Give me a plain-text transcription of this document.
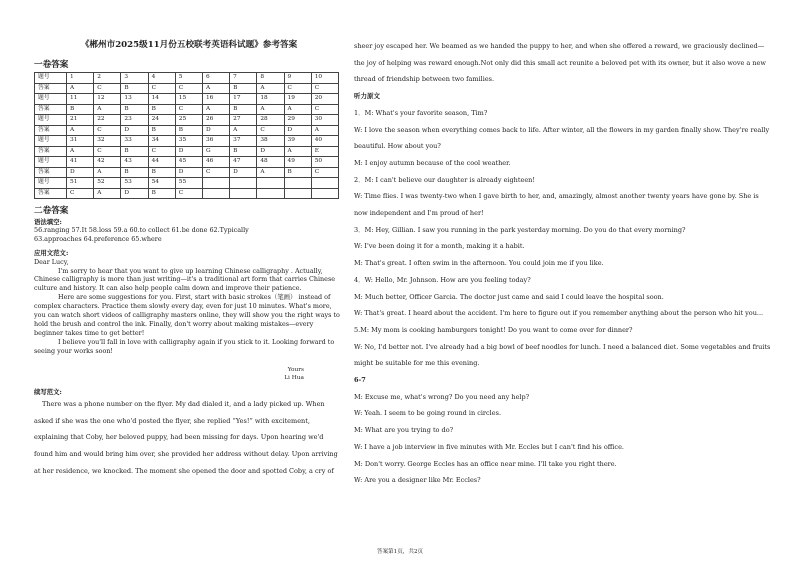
《郴州市2025级11月份五校联考英语科试题》参考答案
一卷答案
题号	1	2	3	4	5	6	7	8	9	10
答案	A	C	B	C	C	A	B	A	C	C
题号	11	12	13	14	15	16	17	18	19	20
答案	B	A	B	B	C	A	B	A	A	C
题号	21	22	23	24	25	26	27	28	29	30
答案	A	C	D	B	B	D	A	C	D	A
题号	31	32	33	34	35	36	37	38	39	40
答案	A	C	B	C	D	G	B	D	A	E
题号	41	42	43	44	45	46	47	48	49	50
答案	D	A	B	B	D	C	D	A	B	C
题号	51	52	53	54	55					
答案	C	A	D	B	C					
二卷答案
语法填空:
56.ranging 57.It 58.loss 59.a 60.to collect 61.be done 62.Typically
63.approaches 64.preference 65.where
应用文范文:

Dear Lucy,

I'm sorry to hear that you want to give up learning Chinese calligraphy . Actually, Chinese calligraphy is more than just writing—it's a traditional art form that carries Chinese culture and history. It can also help people calm down and improve their patience.

Here are some suggestions for you. First, start with basic strokes（笔画） instead of complex characters. Practice them slowly every day, even for just 10 minutes. What's more, you can watch short videos of calligraphy masters online, they will show you the right ways to hold the brush and control the ink. Finally, don't worry about making mistakes—every beginner takes time to get better!

I believe you'll fall in love with calligraphy again if you stick to it. Looking forward to seeing your works soon!

Yours
Li Hua
续写范文:

There was a phone number on the flyer. My dad dialed it, and a lady picked up. When asked if she was the one who'd posted the flyer, she replied “Yes!” with excitement, explaining that Coby, her beloved puppy, had been missing for days. Upon hearing we'd found him and would bring him over, she provided her address without delay. Upon arriving at her residence, we knocked. The moment she opened the door and spotted Coby, a cry of

sheer joy escaped her. We beamed as we handed the puppy to her, and when she offered a reward, we graciously declined— the joy of helping was reward enough.Not only did this small act reunite a beloved pet with its owner, but it also wove a new thread of friendship between two families.

听力原文

1．M: What's your favorite season, Tim?

W: I love the season when everything comes back to life. After winter, all the flowers in my garden finally show. They're really beautiful. How about you?

M: I enjoy autumn because of the cool weather.

2．M: I can't believe our daughter is already eighteen!

W: Time flies. I was twenty-two when I gave birth to her, and, amazingly, almost another twenty years have gone by. She is now independent and I'm proud of her!

3．M: Hey, Gillian. I saw you running in the park yesterday morning. Do you do that every morning?

W: I've been doing it for a month, making it a habit.

M: That's great. I often swim in the afternoon. You could join me if you like.

4．W: Hello, Mr. Johnson. How are you feeling today?

M: Much better, Officer Garcia. The doctor just came and said I could leave the hospital soon.

W: That's great. I heard about the accident. I'm here to figure out if you remember anything about the person who hit you...

5.M: My mom is cooking hamburgers tonight! Do you want to come over for dinner?

W: No, I'd better not. I've already had a big bowl of beef noodles for lunch. I need a balanced diet. Some vegetables and fruits might be suitable for me this evening.

6-7

M: Excuse me, what's wrong? Do you need any help?

W: Yeah. I seem to be going round in circles.

M: What are you trying to do?

W: I have a job interview in five minutes with Mr. Eccles but I can't find his office.

M: Don't worry. George Eccles has an office near mine. I'll take you right there.

W: Are you a designer like Mr. Eccles?

答案第1页，共2页
